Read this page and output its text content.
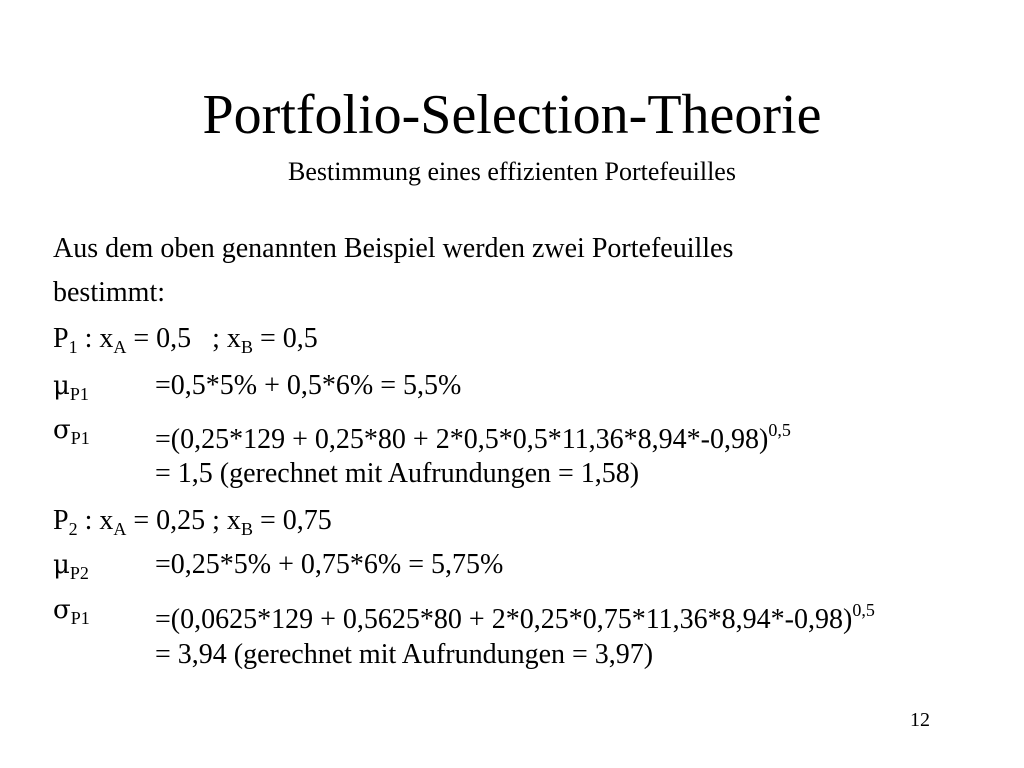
Portfolio-Selection-Theorie
Bestimmung eines effizienten Portefeuilles
Aus dem oben genannten Beispiel werden zwei Portefeuilles
bestimmt:
$P_1$ : $x_A = 0,5$   ; $x_B = 0,5$
$\mu_{P1} =0,5*5\% + 0,5*6\% = 5,5\%$
$\sigma_{P1} =(0,25*129 + 0,25*80 + 2*0,5*0,5*11,36*8,94*-0,98)^{0,5}$
= 1,5 (gerechnet mit Aufrundungen = 1,58)
$P_2$ : $x_A = 0,25$ ; $x_B = 0,75$
$\mu_{P2} =0,25*5\% + 0,75*6\% = 5,75\%$
$\sigma_{P1} =(0,0625*129 + 0,5625*80 + 2*0,25*0,75*11,36*8,94*-0,98)^{0,5}$
= 3,94 (gerechnet mit Aufrundungen = 3,97)
12
